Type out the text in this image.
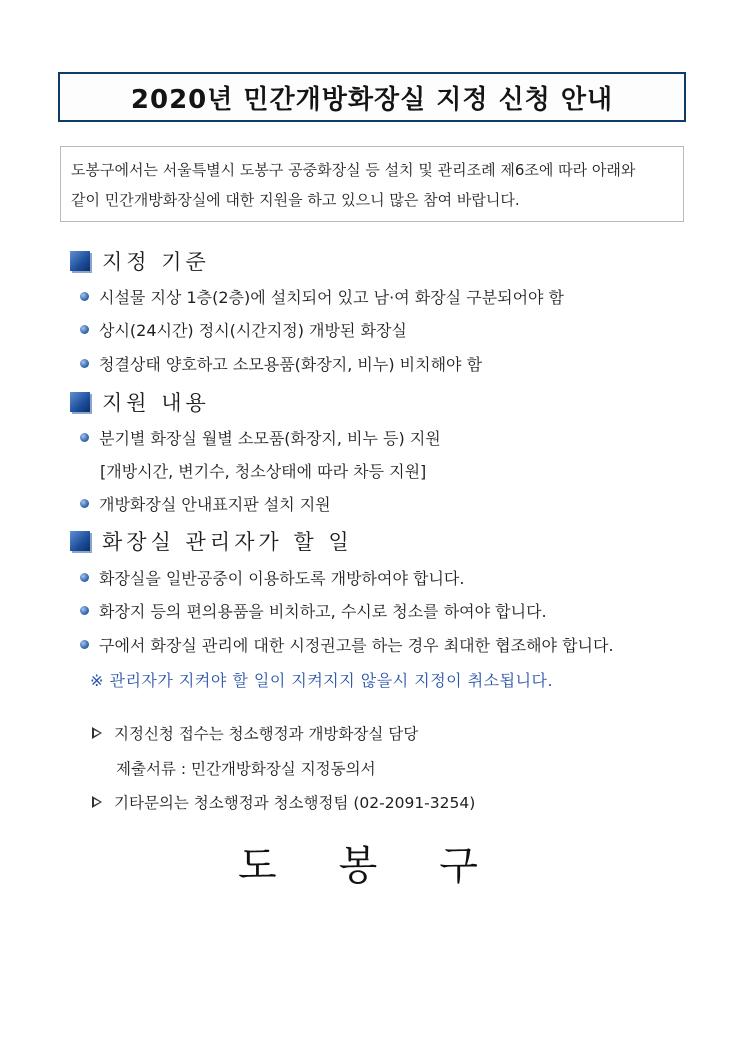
2020년 민간개방화장실 지정 신청 안내

도봉구에서는 서울특별시 도봉구 공중화장실 등 설치 및 관리조례 제6조에 따라 아래와

같이 민간개방화장실에 대한 지원을 하고 있으니 많은 참여 바랍니다.

지정 기준
시설물 지상 1층(2층)에 설치되어 있고 남·여 화장실 구분되어야 함
상시(24시간) 정시(시간지정) 개방된 화장실
청결상태 양호하고 소모용품(화장지, 비누) 비치해야 함
지원 내용
분기별 화장실 월별 소모품(화장지, 비누 등) 지원
[개방시간, 변기수, 청소상태에 따라 차등 지원]
개방화장실 안내표지판 설치 지원
화장실 관리자가 할 일
화장실을 일반공중이 이용하도록 개방하여야 합니다.
화장지 등의 편의용품을 비치하고, 수시로 청소를 하여야 합니다.
구에서 화장실 관리에 대한 시정권고를 하는 경우 최대한 협조해야 합니다.
※ 관리자가 지켜야 할 일이 지켜지지 않을시 지정이 취소됩니다.
지정신청 접수는 청소행정과 개방화장실 담당
제출서류 : 민간개방화장실 지정동의서
기타문의는 청소행정과 청소행정팀 (02-2091-3254)
도봉구
